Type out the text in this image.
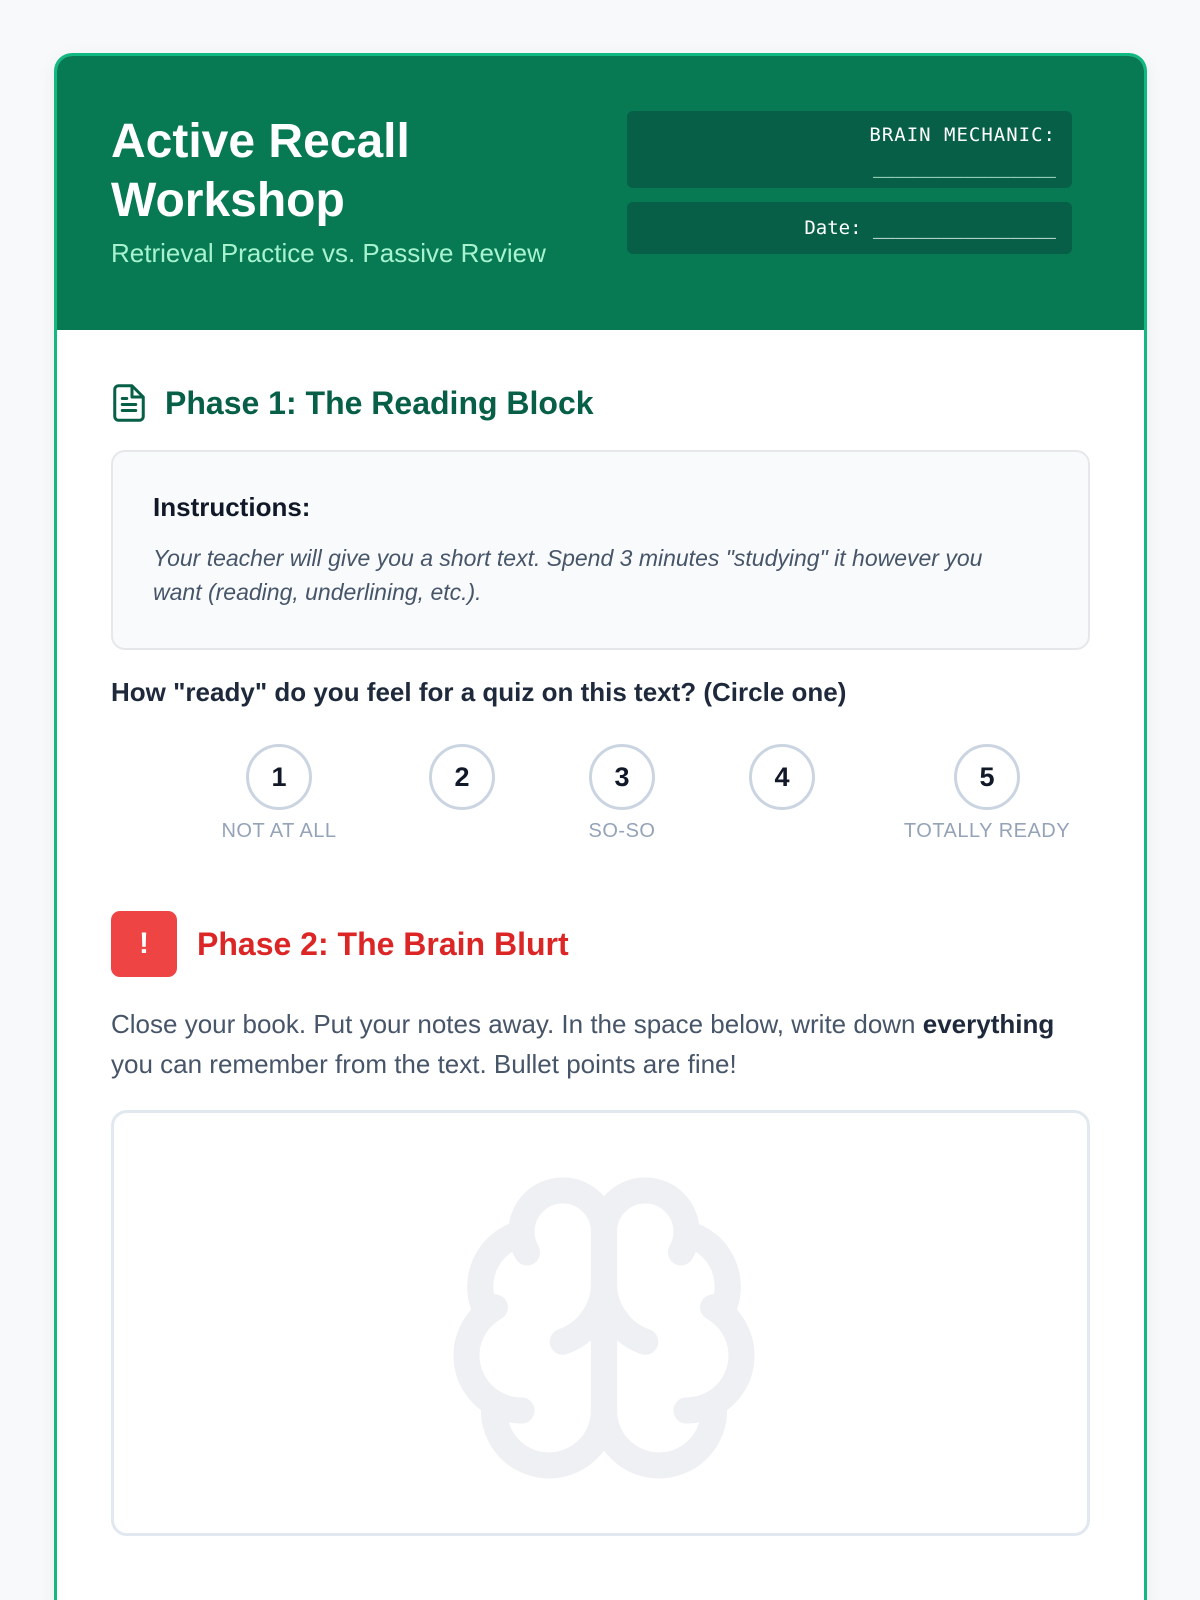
Active Recall Workshop
Retrieval Practice vs. Passive Review
BRAIN MECHANIC:
________________
Date: ________________
Phase 1: The Reading Block
Instructions:
Your teacher will give you a short text. Spend 3 minutes "studying" it however you want (reading, underlining, etc.).
How "ready" do you feel for a quiz on this text? (Circle one)
1
NOT AT ALL
2	3
SO-SO
4	5
TOTALLY READY
!	Phase 2: The Brain Blurt
Close your book. Put your notes away. In the space below, write down everything you can remember from the text. Bullet points are fine!
